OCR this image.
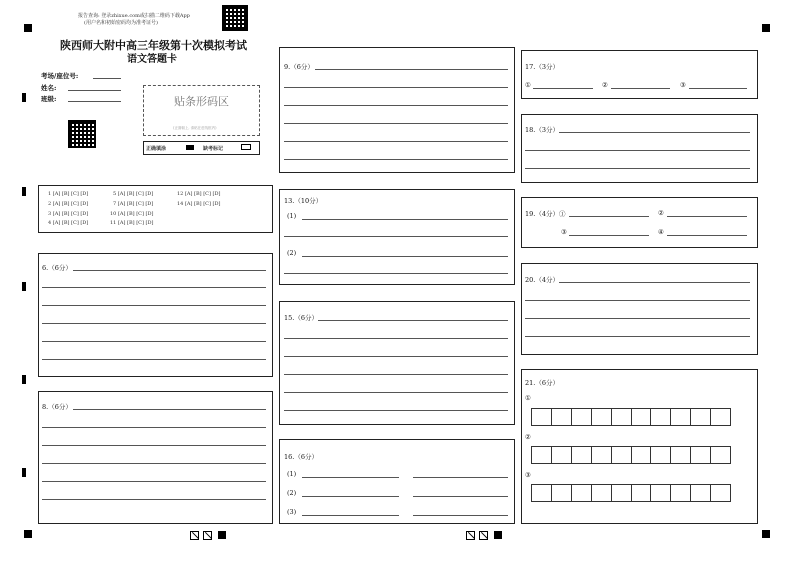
报告查询: 登录zhixue.com或扫描二维码下载App
(用户名和初始密码均为准考证号)
陕西师大附中高三年级第十次模拟考试
语文答题卡
考场/座位号:
姓名:
班级:	贴条形码区
(正面朝上, 请贴在虚线框内)
正确填涂	缺考标记
1 [A] [B] [C] [D]	5 [A] [B] [C] [D]	12 [A] [B] [C] [D]
2 [A] [B] [C] [D]	7 [A] [B] [C] [D]	14 [A] [B] [C] [D]
3 [A] [B] [C] [D]	10 [A] [B] [C] [D]
4 [A] [B] [C] [D]	11 [A] [B] [C] [D]
6.（6分）
8.（6分）
9.（6分）
13.（10分）
(1)
(2)
15.（6分）
16.（6分）
(1)
(2)
(3)
17.（3分）
①	②	③
18.（3分）
19.（4分）①	②
③	④
20.（4分）
21.（6分）
①
②
③
